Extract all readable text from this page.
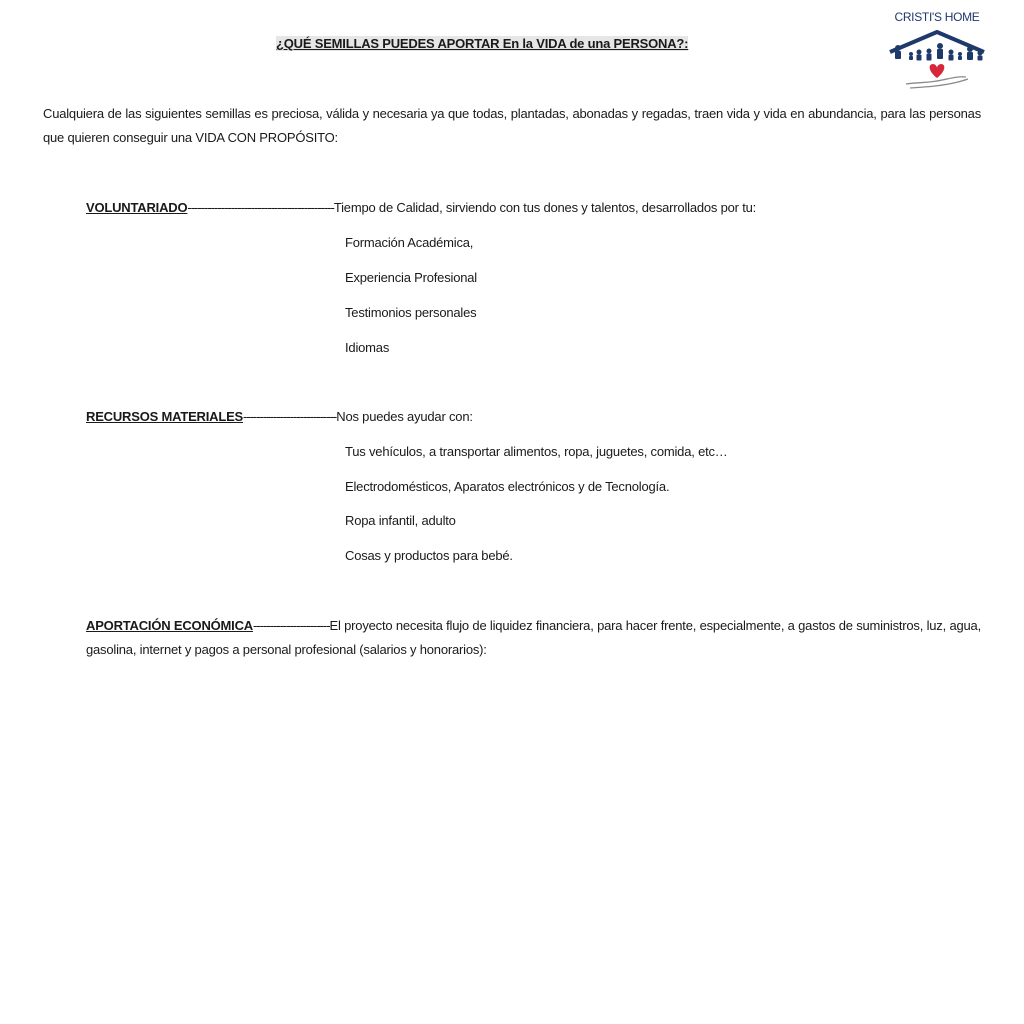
¿QUÉ SEMILLAS PUEDES APORTAR En la VIDA de una PERSONA?:
CRISTI'S HOME
Cualquiera de las siguientes semillas es preciosa, válida y necesaria ya que todas, plantadas, abonadas y regadas, traen vida y vida en abundancia, para las personas que quieren conseguir una VIDA CON PROPÓSITO:
VOLUNTARIADO--------------------------------------------Tiempo de Calidad, sirviendo con tus dones y talentos, desarrollados por tu:
Formación Académica,
Experiencia Profesional
Testimonios personales
Idiomas
RECURSOS MATERIALES----------------------------Nos puedes ayudar con:
Tus vehículos, a transportar alimentos, ropa, juguetes, comida, etc…
Electrodomésticos, Aparatos electrónicos y de Tecnología.
Ropa infantil, adulto
Cosas y productos para bebé.
APORTACIÓN ECONÓMICA-----------------------El proyecto necesita flujo de liquidez financiera, para hacer frente, especialmente, a gastos de suministros, luz, agua, gasolina, internet y pagos a personal profesional (salarios y honorarios):
